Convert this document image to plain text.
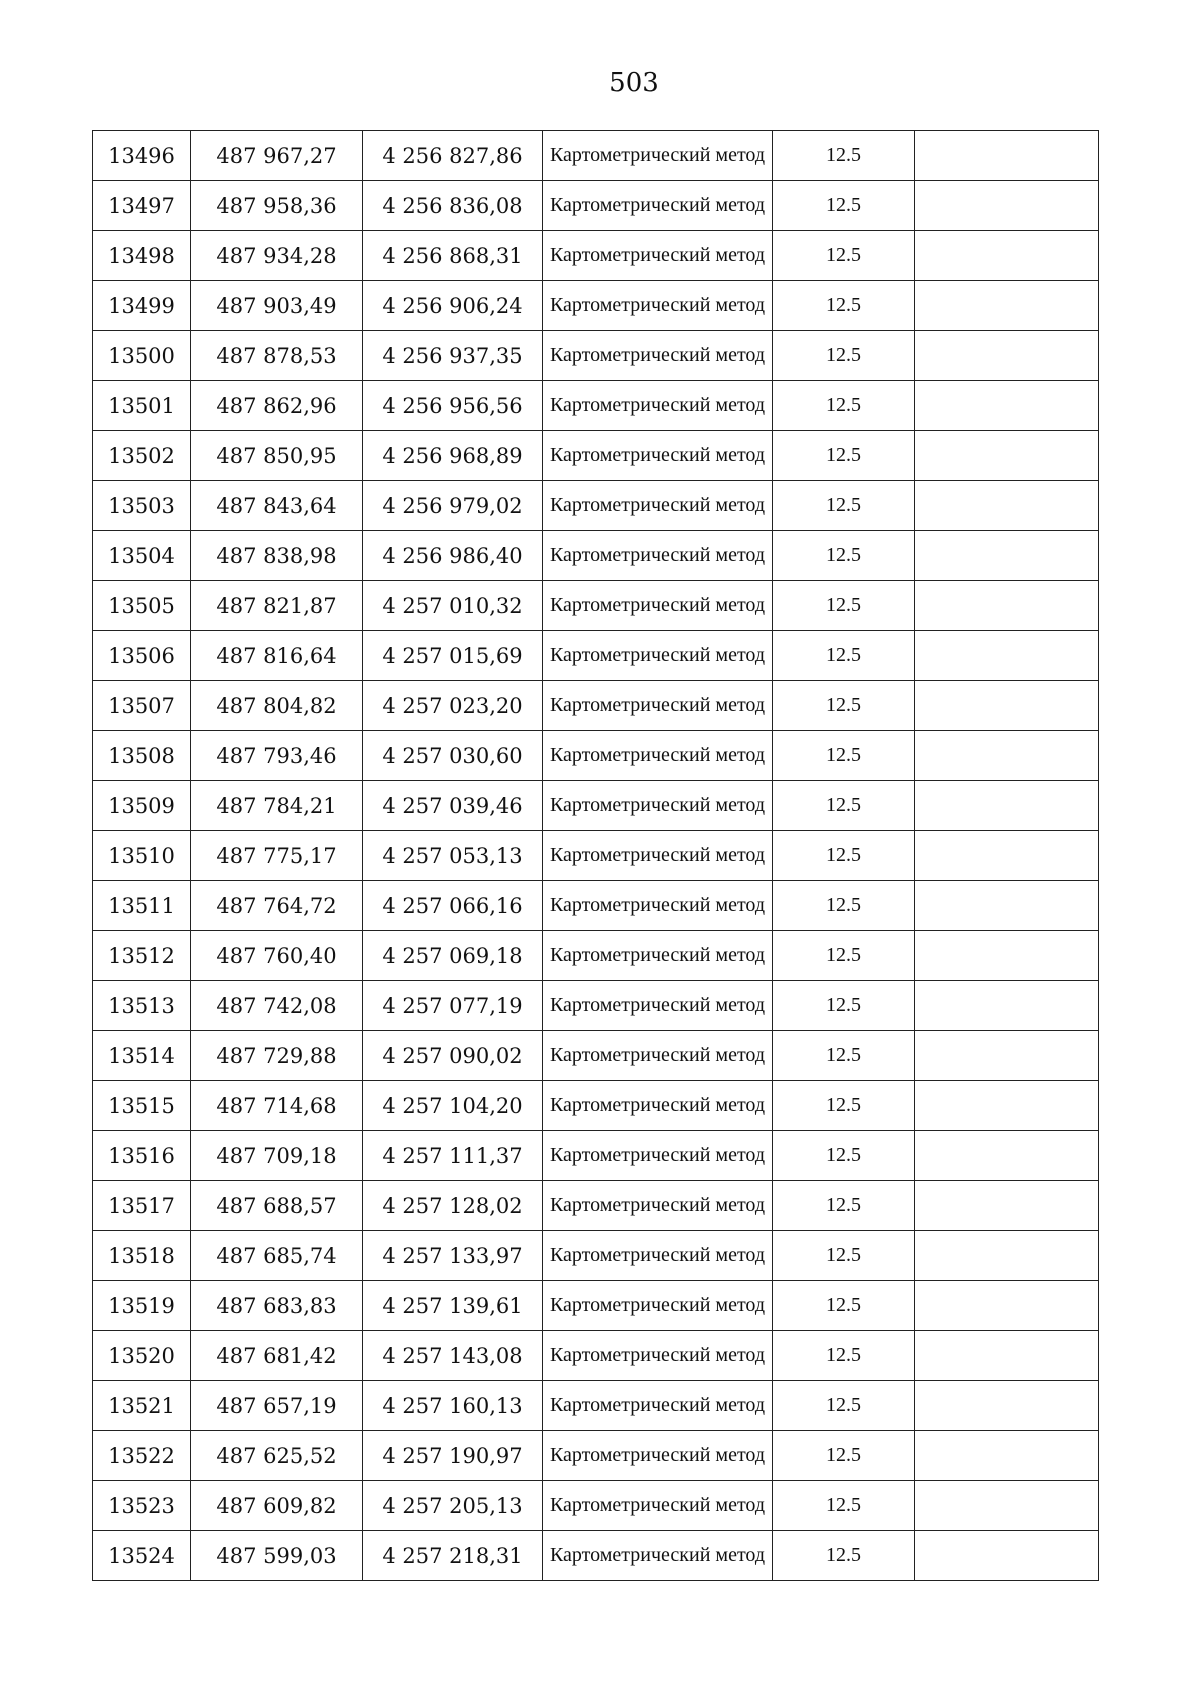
503
13496	487 967,27	4 256 827,86	Картометрический метод	12.5	
13497	487 958,36	4 256 836,08	Картометрический метод	12.5	
13498	487 934,28	4 256 868,31	Картометрический метод	12.5	
13499	487 903,49	4 256 906,24	Картометрический метод	12.5	
13500	487 878,53	4 256 937,35	Картометрический метод	12.5	
13501	487 862,96	4 256 956,56	Картометрический метод	12.5	
13502	487 850,95	4 256 968,89	Картометрический метод	12.5	
13503	487 843,64	4 256 979,02	Картометрический метод	12.5	
13504	487 838,98	4 256 986,40	Картометрический метод	12.5	
13505	487 821,87	4 257 010,32	Картометрический метод	12.5	
13506	487 816,64	4 257 015,69	Картометрический метод	12.5	
13507	487 804,82	4 257 023,20	Картометрический метод	12.5	
13508	487 793,46	4 257 030,60	Картометрический метод	12.5	
13509	487 784,21	4 257 039,46	Картометрический метод	12.5	
13510	487 775,17	4 257 053,13	Картометрический метод	12.5	
13511	487 764,72	4 257 066,16	Картометрический метод	12.5	
13512	487 760,40	4 257 069,18	Картометрический метод	12.5	
13513	487 742,08	4 257 077,19	Картометрический метод	12.5	
13514	487 729,88	4 257 090,02	Картометрический метод	12.5	
13515	487 714,68	4 257 104,20	Картометрический метод	12.5	
13516	487 709,18	4 257 111,37	Картометрический метод	12.5	
13517	487 688,57	4 257 128,02	Картометрический метод	12.5	
13518	487 685,74	4 257 133,97	Картометрический метод	12.5	
13519	487 683,83	4 257 139,61	Картометрический метод	12.5	
13520	487 681,42	4 257 143,08	Картометрический метод	12.5	
13521	487 657,19	4 257 160,13	Картометрический метод	12.5	
13522	487 625,52	4 257 190,97	Картометрический метод	12.5	
13523	487 609,82	4 257 205,13	Картометрический метод	12.5	
13524	487 599,03	4 257 218,31	Картометрический метод	12.5	
